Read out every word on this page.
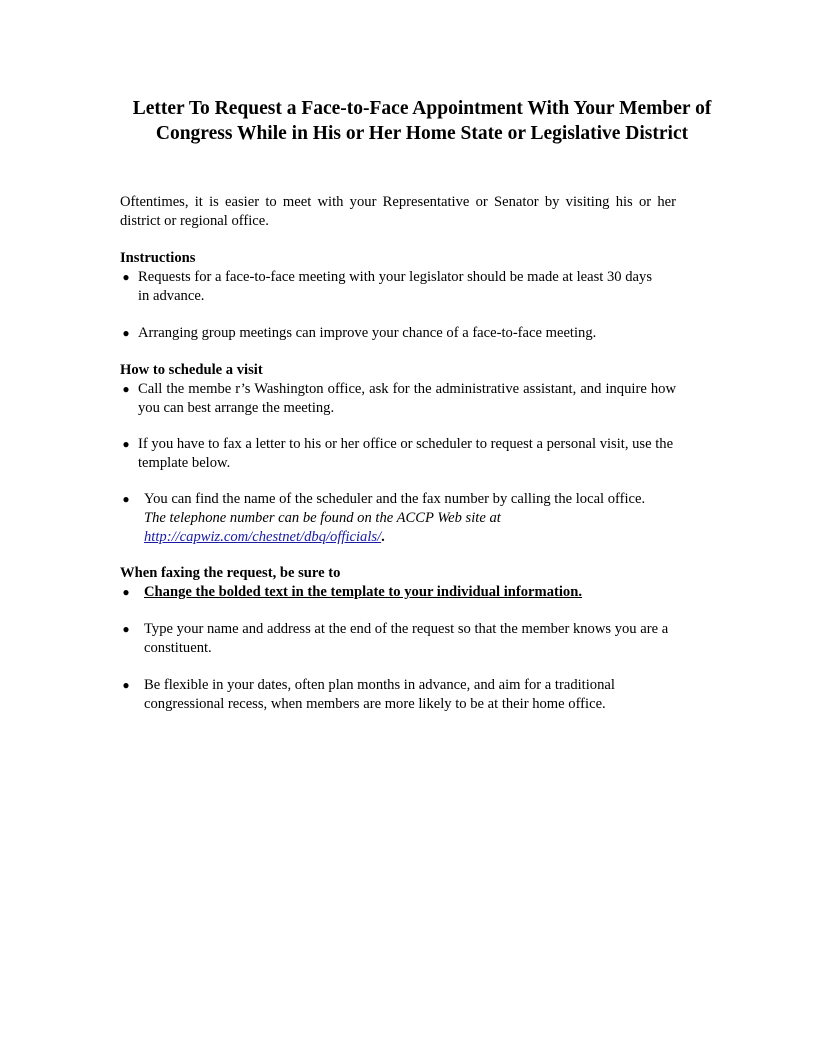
Letter To Request a Face-to-Face Appointment With Your Member of
Congress While in His or Her Home State or Legislative District

Oftentimes, it is easier to meet with your Representative or Senator by visiting his or her district or regional office.

Instructions

● Requests for a face-to-face meeting with your legislator should be made at least 30 days in advance.
● Arranging group meetings can improve your chance of a face-to-face meeting.

How to schedule a visit

● Call the membe r’s Washington office, ask for the administrative assistant, and inquire how you can best arrange the meeting.
● If you have to fax a letter to his or her office or scheduler to request a personal visit, use the template below.
● You can find the name of the scheduler and the fax number by calling the local office.
The telephone number can be found on the ACCP Web site at
http://capwiz.com/chestnet/dbq/officials/.

When faxing the request, be sure to

● Change the bolded text in the template to your individual information.
● Type your name and address at the end of the request so that the member knows you are a constituent.
● Be flexible in your dates, often plan months in advance, and aim for a traditional congressional recess, when members are more likely to be at their home office.
